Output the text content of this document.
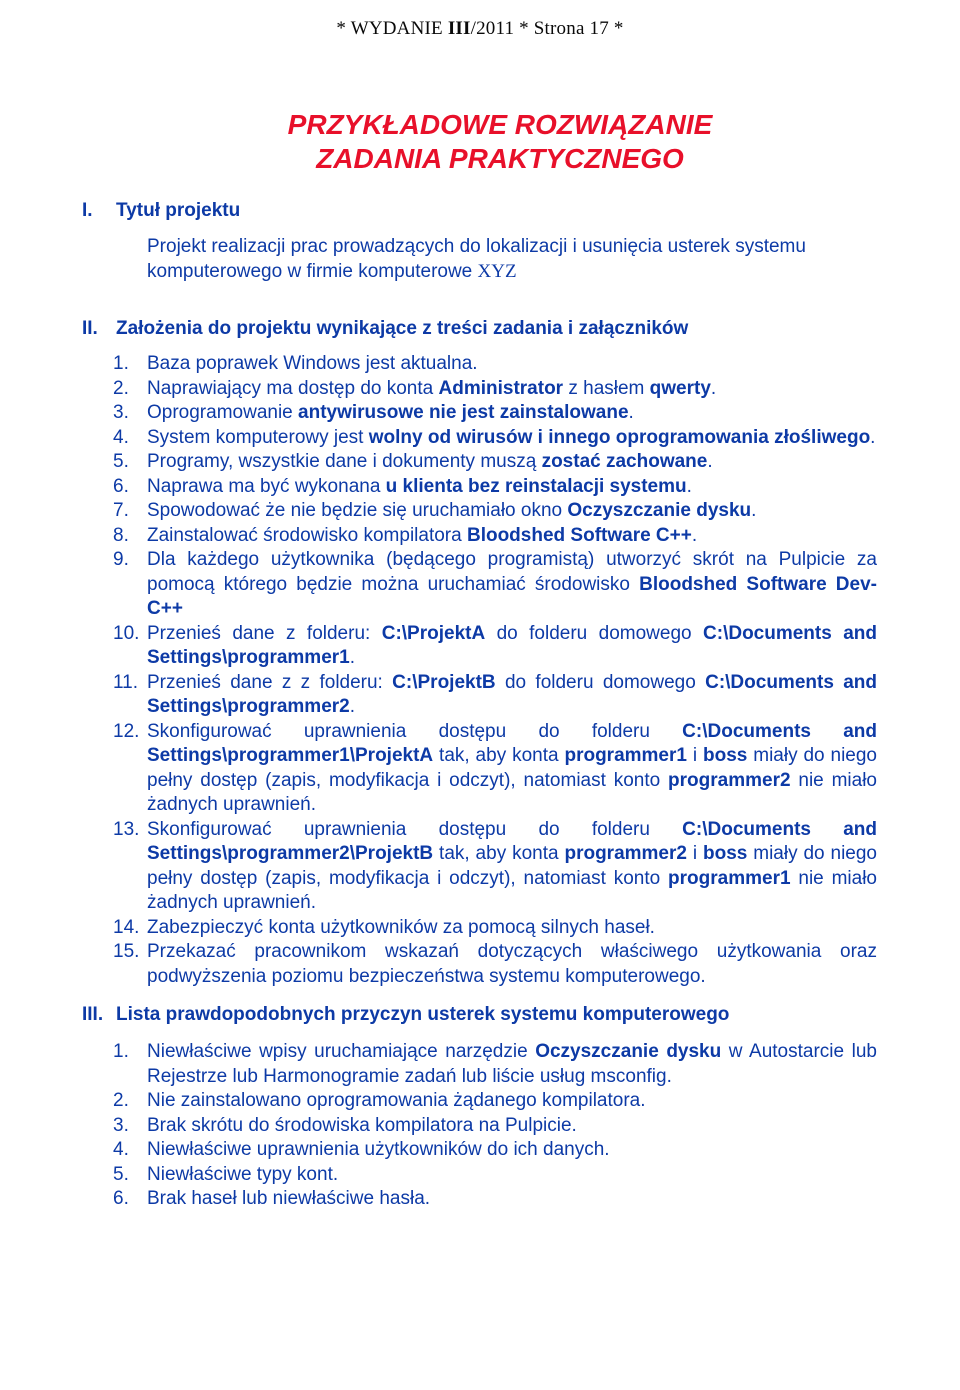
* WYDANIE III/2011 * Strona 17 *
PRZYKŁADOWE ROZWIĄZANIE
ZADANIA PRAKTYCZNEGO
I. Tytuł projektu
Projekt realizacji prac prowadzących do lokalizacji i usunięcia usterek systemu
komputerowego w firmie komputerowe XYZ
II. Założenia do projektu wynikające z treści zadania i załączników
1. Baza poprawek Windows jest aktualna.
2. Naprawiający ma dostęp do konta Administrator z hasłem qwerty.
3. Oprogramowanie antywirusowe nie jest zainstalowane.
4. System komputerowy jest wolny od wirusów i innego oprogramowania złośliwego.
5. Programy, wszystkie dane i dokumenty muszą zostać zachowane.
6. Naprawa ma być wykonana u klienta bez reinstalacji systemu.
7. Spowodować że nie będzie się uruchamiało okno Oczyszczanie dysku.
8. Zainstalować środowisko kompilatora Bloodshed Software C++.
9. Dla każdego użytkownika (będącego programistą) utworzyć skrót na Pulpicie za pomocą którego będzie można uruchamiać środowisko Bloodshed Software Dev-C++
10. Przenieś dane z folderu: C:\ProjektA do folderu domowego C:\Documents and Settings\programmer1.
11. Przenieś dane z z folderu: C:\ProjektB do folderu domowego C:\Documents and Settings\programmer2.
12. Skonfigurować uprawnienia dostępu do folderu C:\Documents and Settings\programmer1\ProjektA tak, aby konta programmer1 i boss miały do niego pełny dostęp (zapis, modyfikacja i odczyt), natomiast konto programmer2 nie miało żadnych uprawnień.
13. Skonfigurować uprawnienia dostępu do folderu C:\Documents and Settings\programmer2\ProjektB tak, aby konta programmer2 i boss miały do niego pełny dostęp (zapis, modyfikacja i odczyt), natomiast konto programmer1 nie miało żadnych uprawnień.
14. Zabezpieczyć konta użytkowników za pomocą silnych haseł.
15. Przekazać pracownikom wskazań dotyczących właściwego użytkowania oraz podwyższenia poziomu bezpieczeństwa systemu komputerowego.
III. Lista prawdopodobnych przyczyn usterek systemu komputerowego
1. Niewłaściwe wpisy uruchamiające narzędzie Oczyszczanie dysku w Autostarcie lub Rejestrze lub Harmonogramie zadań lub liście usług msconfig.
2. Nie zainstalowano oprogramowania żądanego kompilatora.
3. Brak skrótu do środowiska kompilatora na Pulpicie.
4. Niewłaściwe uprawnienia użytkowników do ich danych.
5. Niewłaściwe typy kont.
6. Brak haseł lub niewłaściwe hasła.
